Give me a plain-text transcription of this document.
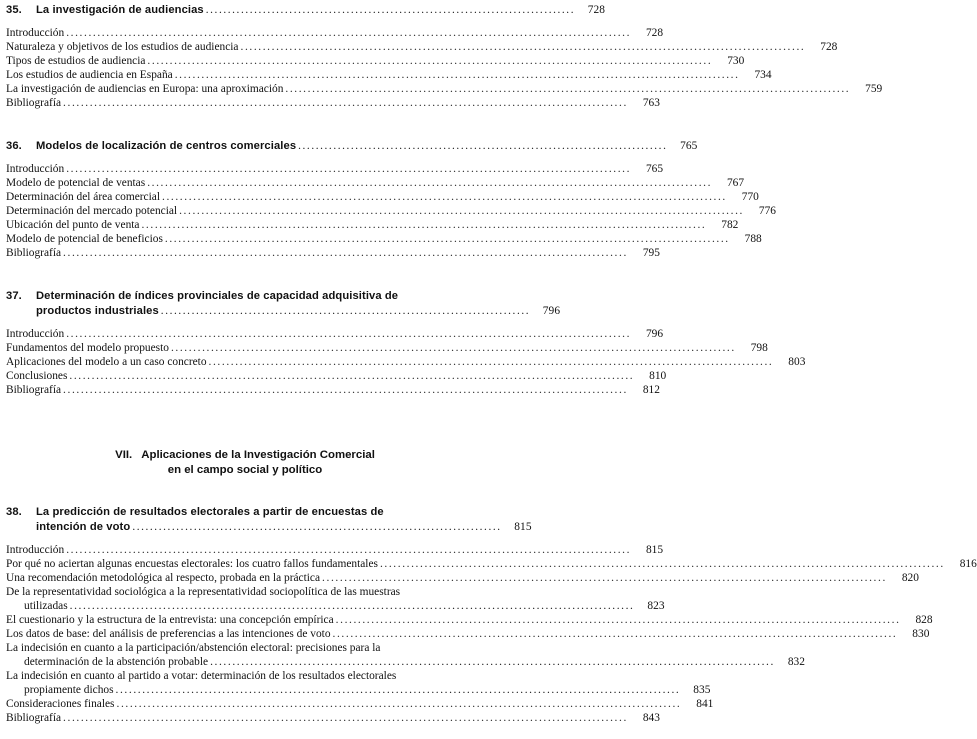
35.	La investigación de audiencias ....................................................................................	728
Introducción ...............................................................................................................................	728
Naturaleza y objetivos de los estudios de audiencia ...............................................................................................................................	728
Tipos de estudios de audiencia ...............................................................................................................................	730
Los estudios de audiencia en España ...............................................................................................................................	734
La investigación de audiencias en Europa: una aproximación ...............................................................................................................................	759
Bibliografía ...............................................................................................................................	763
36.	Modelos de localización de centros comerciales ....................................................................................	765
Introducción ...............................................................................................................................	765
Modelo de potencial de ventas ...............................................................................................................................	767
Determinación del área comercial ...............................................................................................................................	770
Determinación del mercado potencial ...............................................................................................................................	776
Ubicación del punto de venta ...............................................................................................................................	782
Modelo de potencial de beneficios ...............................................................................................................................	788
Bibliografía ...............................................................................................................................	795
37.	Determinación de índices provinciales de capacidad adquisitiva de
productos industriales ....................................................................................	796
Introducción ...............................................................................................................................	796
Fundamentos del modelo propuesto ...............................................................................................................................	798
Aplicaciones del modelo a un caso concreto ...............................................................................................................................	803
Conclusiones ...............................................................................................................................	810
Bibliografía ...............................................................................................................................	812
VII.   Aplicaciones de la Investigación Comercial
en el campo social y político
38.	La predicción de resultados electorales a partir de encuestas de
intención de voto ....................................................................................	815
Introducción ...............................................................................................................................	815
Por qué no aciertan algunas encuestas electorales: los cuatro fallos fundamentales ...............................................................................................................................	816
Una recomendación metodológica al respecto, probada en la práctica ...............................................................................................................................	820
De la representatividad sociológica a la representatividad sociopolítica de las muestras
utilizadas ...............................................................................................................................	823
El cuestionario y la estructura de la entrevista: una concepción empírica ...............................................................................................................................	828
Los datos de base: del análisis de preferencias a las intenciones de voto ...............................................................................................................................	830
La indecisión en cuanto a la participación/abstención electoral: precisiones para la
determinación de la abstención probable ...............................................................................................................................	832
La indecisión en cuanto al partido a votar: determinación de los resultados electorales
propiamente dichos ...............................................................................................................................	835
Consideraciones finales ...............................................................................................................................	841
Bibliografía ...............................................................................................................................	843
